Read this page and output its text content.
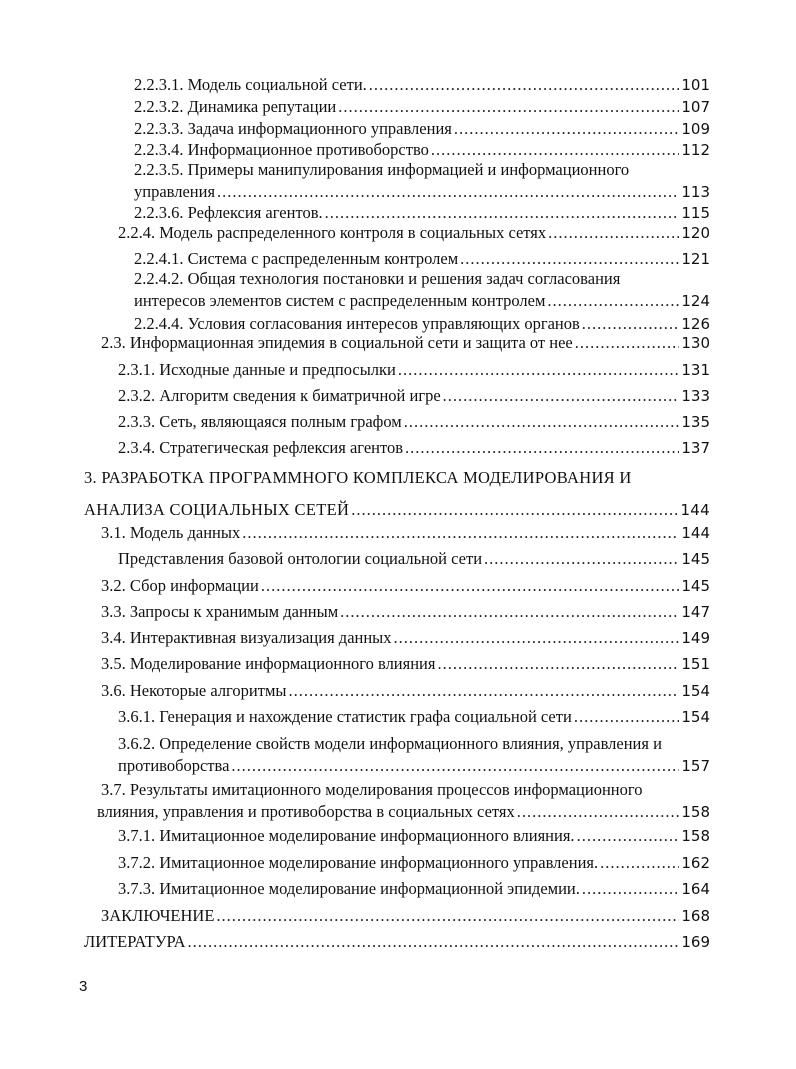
2.2.3.1. Модель социальной сети. .....	101
2.2.3.2. Динамика репутации .....	107
2.2.3.3. Задача информационного управления .....	109
2.2.3.4. Информационное противоборство .....	112
2.2.3.5. Примеры манипулирования информацией и информационного
управления .....	113
2.2.3.6. Рефлексия агентов. .....	115
2.2.4. Модель распределенного контроля в социальных сетях .....	120
2.2.4.1. Система с распределенным контролем .....	121
2.2.4.2. Общая технология постановки и решения задач согласования
интересов элементов систем с распределенным контролем .....	124
2.2.4.4. Условия согласования интересов управляющих органов .....	126
2.3. Информационная эпидемия в социальной сети и защита от нее .....	130
2.3.1. Исходные данные и предпосылки .....	131
2.3.2. Алгоритм сведения к биматричной игре .....	133
2.3.3. Сеть, являющаяся полным графом .....	135
2.3.4. Стратегическая рефлексия агентов .....	137
3. РАЗРАБОТКА ПРОГРАММНОГО КОМПЛЕКСА МОДЕЛИРОВАНИЯ И
АНАЛИЗА СОЦИАЛЬНЫХ СЕТЕЙ .....	144
3.1. Модель данных .....	144
Представления базовой онтологии социальной сети .....	145
3.2. Сбор информации .....	145
3.3. Запросы к хранимым данным .....	147
3.4. Интерактивная визуализация данных .....	149
3.5. Моделирование информационного влияния .....	151
3.6. Некоторые алгоритмы .....	154
3.6.1. Генерация и нахождение статистик графа социальной сети .....	154
3.6.2. Определение свойств модели информационного влияния, управления и
противоборства .....	157
3.7. Результаты имитационного моделирования процессов информационного
влияния, управления и противоборства в социальных сетях .....	158
3.7.1. Имитационное моделирование информационного влияния. .....	158
3.7.2. Имитационное моделирование информационного управления. .....	162
3.7.3. Имитационное моделирование информационной эпидемии. .....	164
ЗАКЛЮЧЕНИЕ .....	168
ЛИТЕРАТУРА .....	169
3
